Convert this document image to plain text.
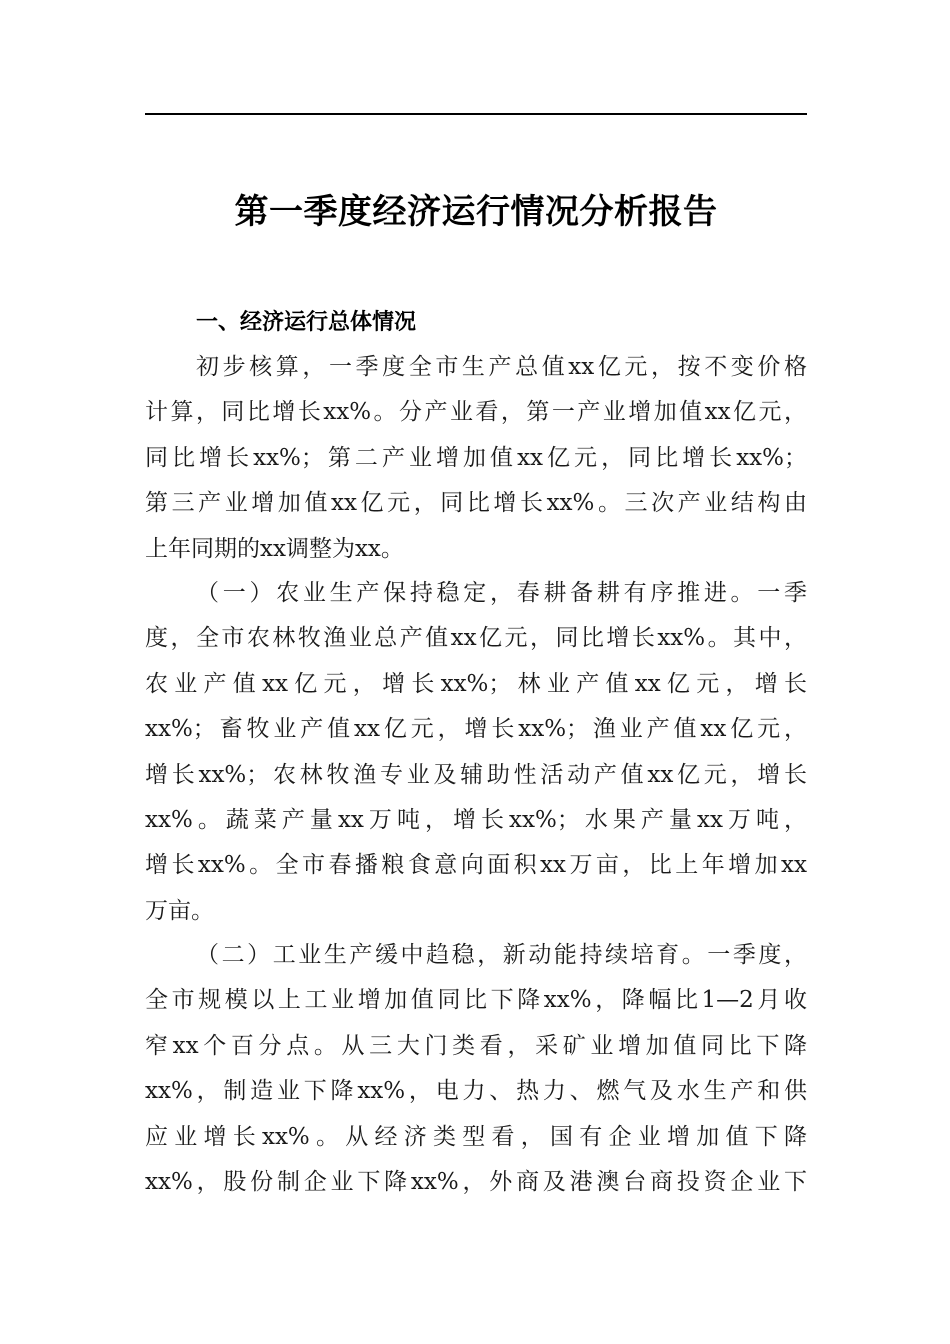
第一季度经济运行情况分析报告
一、经济运行总体情况
初步核算，一季度全市生产总值xx亿元，按不变价格
计算，同比增长xx%。分产业看，第一产业增加值xx亿元，
同比增长xx%；第二产业增加值xx亿元，同比增长xx%；
第三产业增加值xx亿元，同比增长xx%。三次产业结构由
上年同期的xx调整为xx。
（一）农业生产保持稳定，春耕备耕有序推进。一季
度，全市农林牧渔业总产值xx亿元，同比增长xx%。其中，
农业产值xx亿元，增长xx%；林业产值xx亿元，增长
xx%；畜牧业产值xx亿元，增长xx%；渔业产值xx亿元，
增长xx%；农林牧渔专业及辅助性活动产值xx亿元，增长
xx%。蔬菜产量xx万吨，增长xx%；水果产量xx万吨，
增长xx%。全市春播粮食意向面积xx万亩，比上年增加xx
万亩。
（二）工业生产缓中趋稳，新动能持续培育。一季度，
全市规模以上工业增加值同比下降xx%，降幅比1—2月收
窄xx个百分点。从三大门类看，采矿业增加值同比下降
xx%，制造业下降xx%，电力、热力、燃气及水生产和供
应业增长xx%。从经济类型看，国有企业增加值下降
xx%，股份制企业下降xx%，外商及港澳台商投资企业下
